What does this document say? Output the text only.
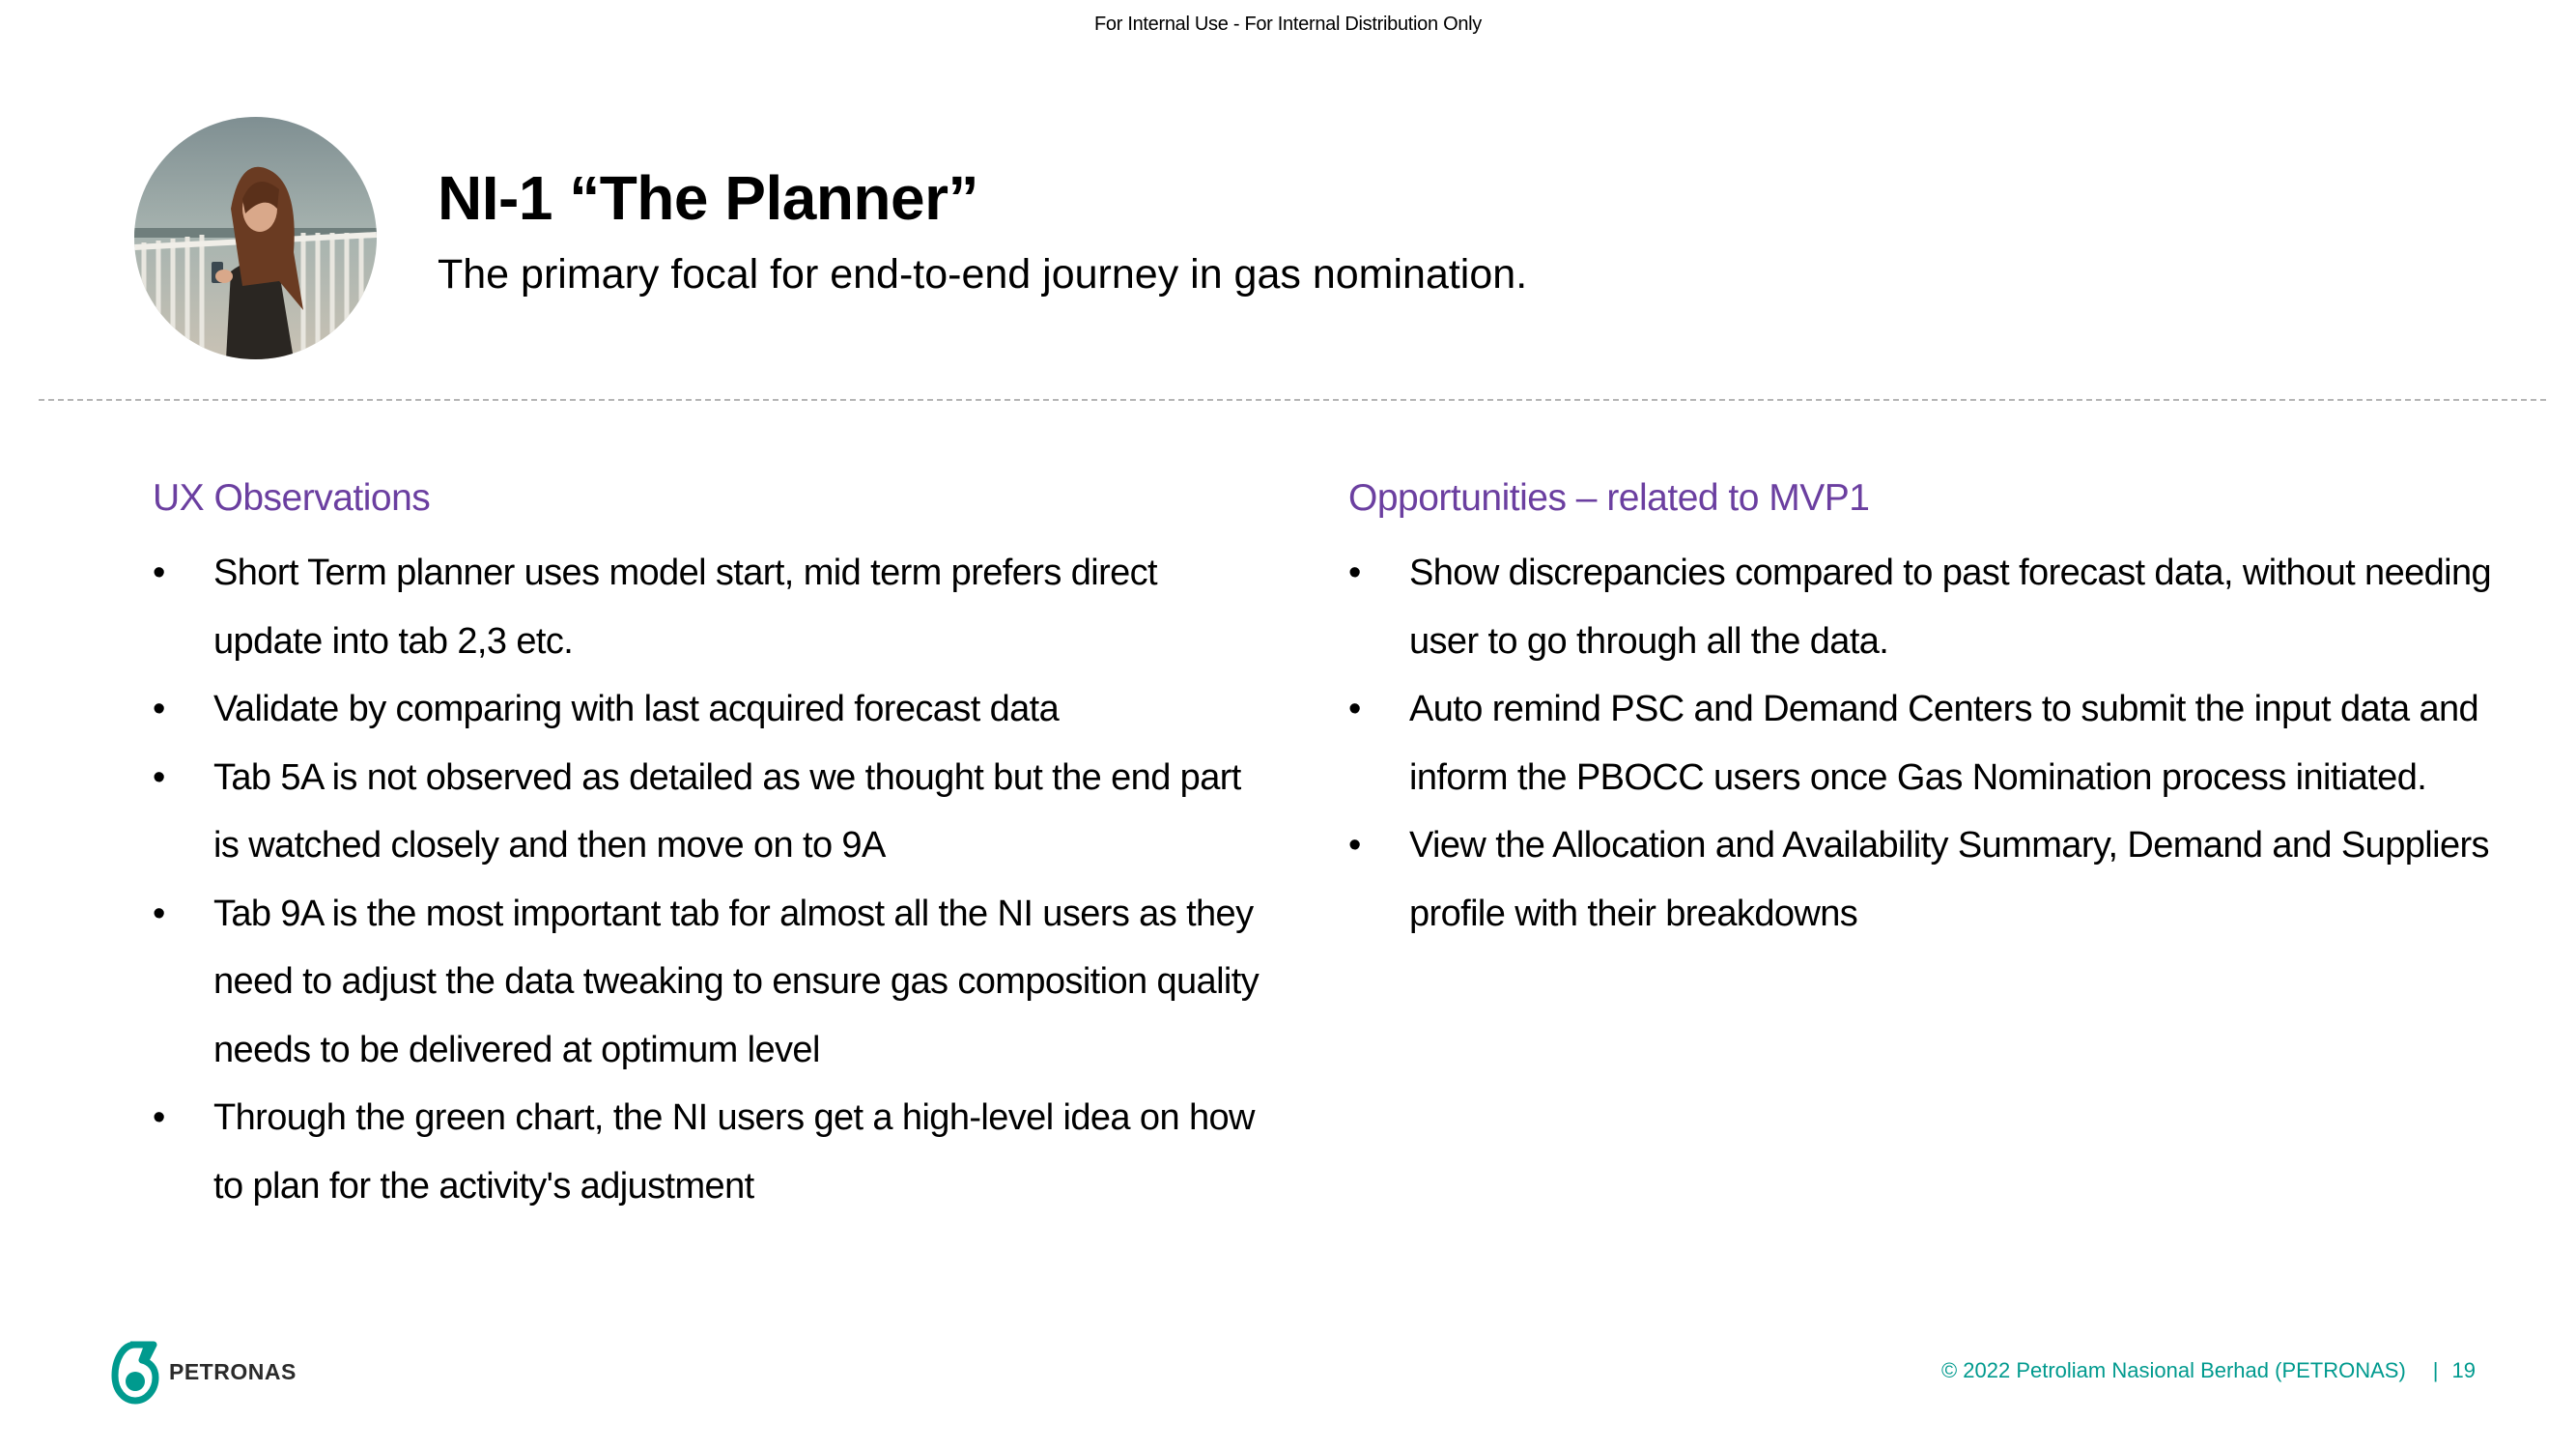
For Internal Use - For Internal Distribution Only
NI-1 “The Planner”
The primary focal for end-to-end journey in gas nomination.
UX Observations
•	Short Term planner uses model start, mid term prefers direct update into tab 2,3 etc.
•	Validate by comparing with last acquired forecast data
•	Tab 5A is not observed as detailed as we thought but the end part is watched closely and then move on to 9A
•	Tab 9A is the most important tab for almost all the NI users as they need to adjust the data tweaking to ensure gas composition quality needs to be delivered at optimum level
•	Through the green chart, the NI users get a high-level idea on how to plan for the activity's adjustment
Opportunities – related to MVP1
•	Show discrepancies compared to past forecast data, without needing user to go through all the data.
•	Auto remind PSC and Demand Centers to submit the input data and inform the PBOCC users once Gas Nomination process initiated.
•	View the Allocation and Availability Summary, Demand and Suppliers profile with their breakdowns
PETRONAS	© 2022 Petroliam Nasional Berhad (PETRONAS) | 19
